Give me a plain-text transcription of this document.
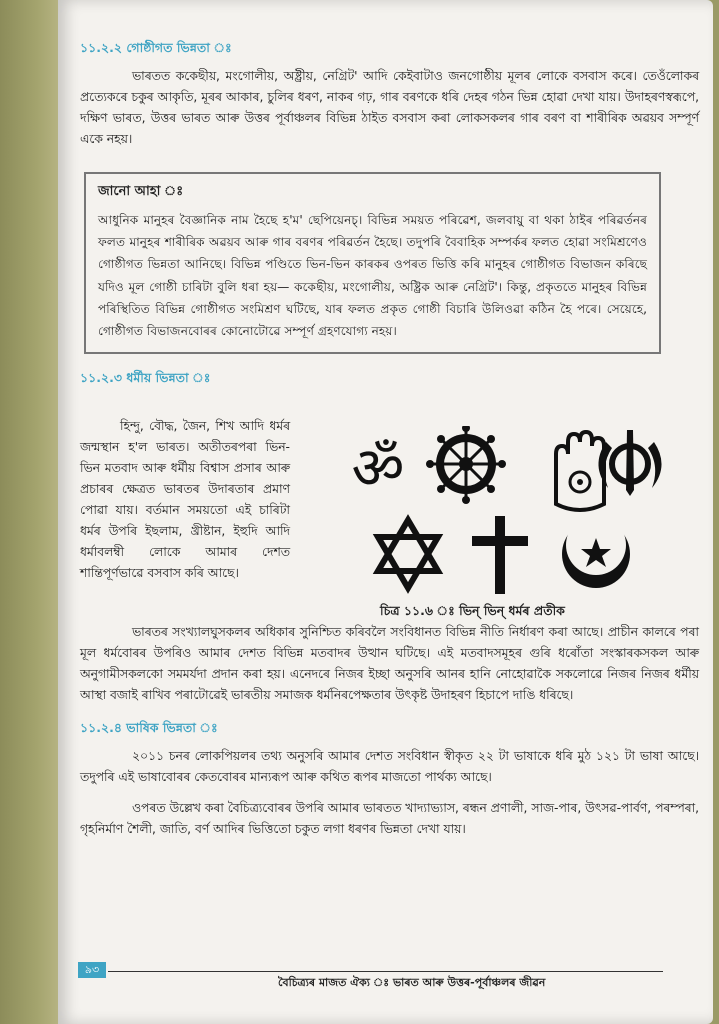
১১.২.২ গোষ্ঠীগত ভিন্নতা ঃ

ভাৰতত ককেছীয়, মংগোলীয়, অষ্ট্ৰীয়, নেগ্ৰিট' আদি কেইবাটাও জনগোষ্ঠীয় মূলৰ লোকে বসবাস কৰে। তেওঁলোকৰ প্ৰত্যেকৰে চকুৰ আকৃতি, মূৰৰ আকাৰ, চুলিৰ ধৰণ, নাকৰ গঢ়, গাৰ বৰণকে ধৰি দেহৰ গঠন ভিন্ন হোৱা দেখা যায়। উদাহৰণস্বৰূপে, দক্ষিণ ভাৰত, উত্তৰ ভাৰত আৰু উত্তৰ পূৰ্বাঞ্চলৰ বিভিন্ন ঠাইত বসবাস কৰা লোকসকলৰ গাৰ বৰণ বা শাৰীৰিক অৱয়ব সম্পূৰ্ণ একে নহয়।

জানো আহা ঃ

আধুনিক মানুহৰ বৈজ্ঞানিক নাম হৈছে হ'ম' ছেপিয়েনচ্‌। বিভিন্ন সময়ত পৰিৱেশ, জলবায়ু বা থকা ঠাইৰ পৰিৱৰ্তনৰ ফলত মানুহৰ শাৰীৰিক অৱয়ব আৰু গাৰ বৰণৰ পৰিৱৰ্তন হৈছে। তদুপৰি বৈবাহিক সম্পৰ্কৰ ফলত হোৱা সংমিশ্ৰণেও গোষ্ঠীগত ভিন্নতা আনিছে। বিভিন্ন পণ্ডিতে ভিন-ভিন কাৰকৰ ওপৰত ভিত্তি কৰি মানুহৰ গোষ্ঠীগত বিভাজন কৰিছে যদিও মূল গোষ্ঠী চাৰিটা বুলি ধৰা হয়— ককেছীয়, মংগোলীয়, অষ্ট্ৰিক আৰু নেগ্ৰিট'। কিন্তু, প্ৰকৃততে মানুহৰ বিভিন্ন পৰিস্থিতিত বিভিন্ন গোষ্ঠীগত সংমিশ্ৰণ ঘটিছে, যাৰ ফলত প্ৰকৃত গোষ্ঠী বিচাৰি উলিওৱা কঠিন হৈ পৰে। সেয়েহে, গোষ্ঠীগত বিভাজনবোৰৰ কোনোটোৱে সম্পূৰ্ণ গ্ৰহণযোগ্য নহয়।

১১.২.৩ ধৰ্মীয় ভিন্নতা ঃ

হিন্দু, বৌদ্ধ, জৈন, শিখ আদি ধৰ্মৰ জন্মস্থান হ'ল ভাৰত। অতীতৰপৰা ভিন-ভিন মতবাদ আৰু ধৰ্মীয় বিশ্বাস প্ৰসাৰ আৰু প্ৰচাৰৰ ক্ষেত্ৰত ভাৰতৰ উদাৰতাৰ প্ৰমাণ পোৱা যায়। বৰ্তমান সময়তো এই চাৰিটা ধৰ্মৰ উপৰি ইছলাম, খ্ৰীষ্টান, ইহুদি আদি ধৰ্মাবলম্বী লোকে আমাৰ দেশত শান্তিপূৰ্ণভাৱে বসবাস কৰি আছে।

ॐ

চিত্ৰ ১১.৬ ঃ ভিন্‌ ভিন্‌ ধৰ্মৰ প্ৰতীক

ভাৰতৰ সংখ্যালঘুসকলৰ অধিকাৰ সুনিশ্চিত কৰিবলৈ সংবিধানত বিভিন্ন নীতি নিৰ্ধাৰণ কৰা আছে। প্ৰাচীন কালৰে পৰা মূল ধৰ্মবোৰৰ উপৰিও আমাৰ দেশত বিভিন্ন মতবাদৰ উত্থান ঘটিছে। এই মতবাদসমূহৰ গুৰি ধৰোঁতা সংস্কাৰকসকল আৰু অনুগামীসকলকো সমমৰ্যদা প্ৰদান কৰা হয়। এনেদৰে নিজৰ ইচ্ছা অনুসৰি আনৰ হানি নোহোৱাকৈ সকলোৱে নিজৰ নিজৰ ধৰ্মীয় আস্থা বজাই ৰাখিব পৰাটোৱেই ভাৰতীয় সমাজক ধৰ্মনিৰপেক্ষতাৰ উৎকৃষ্ট উদাহৰণ হিচাপে দাঙি ধৰিছে।

১১.২.৪ ভাষিক ভিন্নতা ঃ

২০১১ চনৰ লোকপিয়লৰ তথ্য অনুসৰি আমাৰ দেশত সংবিধান স্বীকৃত ২২ টা ভাষাকে ধৰি মুঠ ১২১ টা ভাষা আছে। তদুপৰি এই ভাষাবোৰৰ কেতবোৰৰ মান্যৰূপ আৰু কথিত ৰূপৰ মাজতো পাৰ্থক্য আছে।

ওপৰত উল্লেখ কৰা বৈচিত্ৰ্যবোৰৰ উপৰি আমাৰ ভাৰতত খাদ্যাভ্যাস, ৰন্ধন প্ৰণালী, সাজ-পাৰ, উৎসৱ-পাৰ্বণ, পৰম্পৰা, গৃহনিৰ্মাণ শৈলী, জাতি, বৰ্ণ আদিৰ ভিত্তিতো চকুত লগা ধৰণৰ ভিন্নতা দেখা যায়।

৯৩
বৈচিত্ৰ্যৰ মাজত ঐক্য ঃ ভাৰত আৰু উত্তৰ-পূৰ্বাঞ্চলৰ জীৱন
